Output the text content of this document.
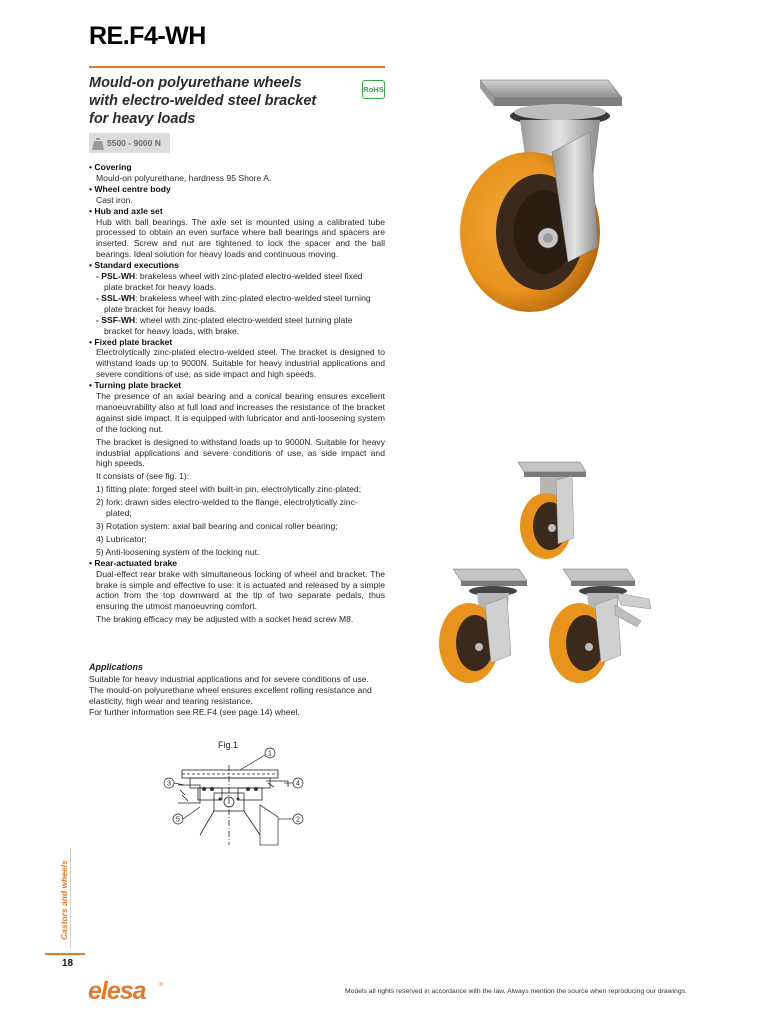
RE.F4-WH
Mould-on polyurethane wheels
with electro-welded steel bracket
for heavy loads
RoHS
5500 - 9000 N
• Covering
Mould-on polyurethane, hardness 95 Shore A.
• Wheel centre body
Cast iron.
• Hub and axle set
Hub with ball bearings. The axle set is mounted using a calibrated tube processed to obtain an even surface where ball bearings and spacers are inserted. Screw and nut are tightened to lock the spacer and the ball bearings. Ideal solution for heavy loads and continuous moving.
• Standard executions
- PSL-WH: brakeless wheel with zinc-plated electro-welded steel fixed
plate bracket for heavy loads.
- SSL-WH: brakeless wheel with zinc-plated electro-welded steel turning
plate bracket for heavy loads.
- SSF-WH: wheel with zinc-plated electro-welded steel turning plate
bracket for heavy loads, with brake.
• Fixed plate bracket
Electrolytically zinc-plated electro-welded steel. The bracket is designed to withstand loads up to 9000N. Suitable for heavy industrial applications and severe conditions of use, as side impact and high speeds.
• Turning plate bracket
The presence of an axial bearing and a conical bearing ensures excellent manoeuvrability also at full load and increases the resistance of the bracket against side impact. It is equipped with lubricator and anti-loosening system of the locking nut.
The bracket is designed to withstand loads up to 9000N. Suitable for heavy industrial applications and severe conditions of use, as side impact and high speeds.
It consists of (see fig. 1):
1) fitting plate: forged steel with built-in pin, electrolytically zinc-plated;
2) fork: drawn sides electro-welded to the flange, electrolytically zinc-
plated;
3) Rotation system: axial ball bearing and conical roller bearing;
4) Lubricator;
5) Anti-loosening system of the locking nut.
• Rear-actuated brake
Dual-effect rear brake with simultaneous locking of wheel and bracket. The brake is simple and effective to use: it is actuated and released by a simple action from the top downward at the tip of two separate pedals, thus ensuring the utmost manoeuvring comfort.
The braking efficacy may be adjusted with a socket head screw M8.
Applications
Suitable for heavy industrial applications and for severe conditions of use.
The mould-on polyurethane wheel ensures excellent rolling resistance and
elasticity, high wear and tearing resistance.
For further information see RE.F4 (see page 14) wheel.
Fig.1
1
3	4
5	2
Castors and wheels
18
elesa	®
Models all rights reserved in accordance with the law. Always mention the source when reproducing our drawings.
